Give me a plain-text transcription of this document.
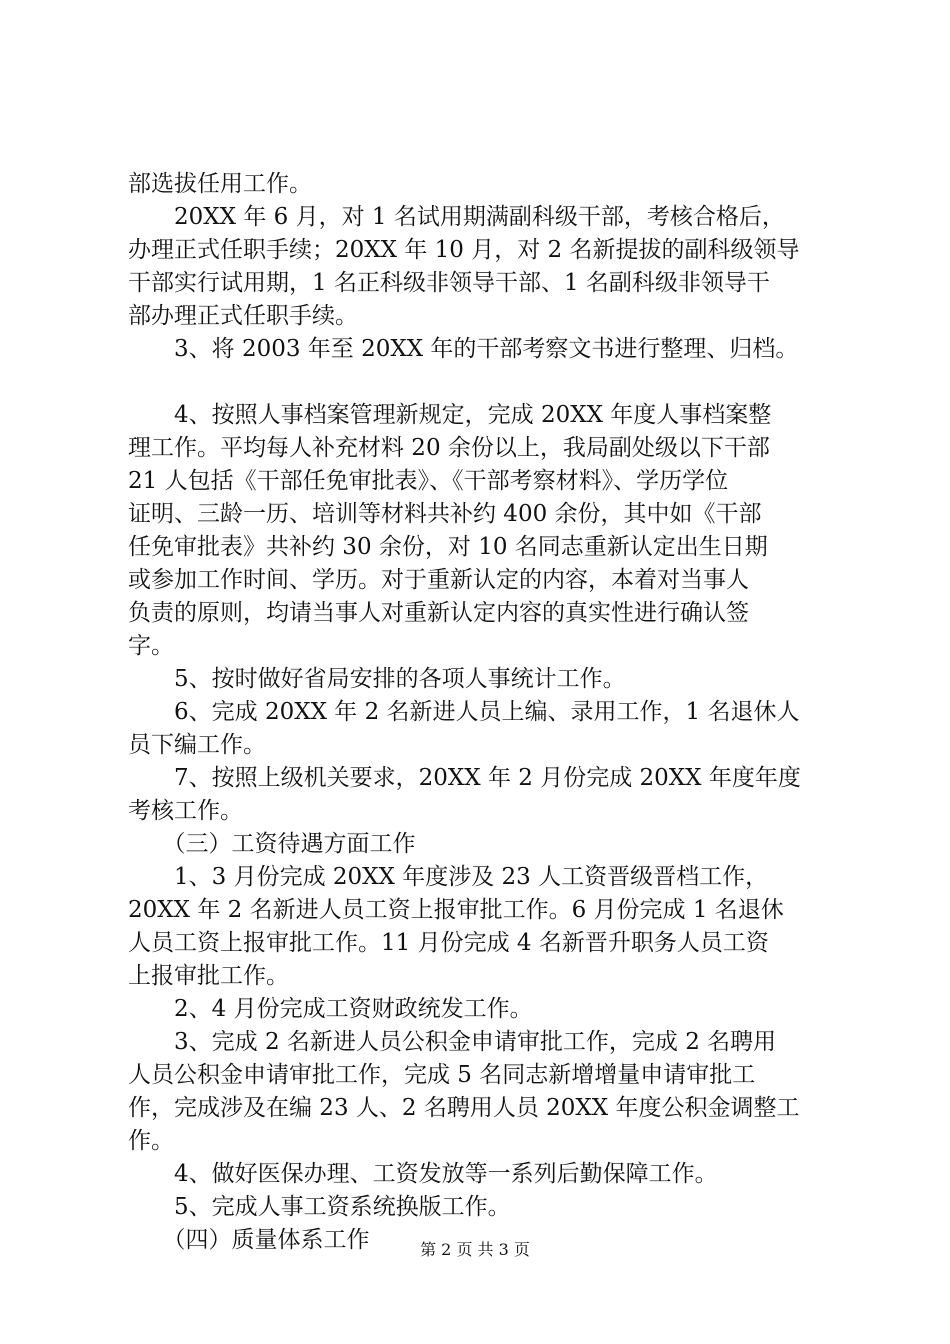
部选拔任用工作。
　　20XX 年 6 月，对 1 名试用期满副科级干部，考核合格后，
办理正式任职手续；20XX 年 10 月，对 2 名新提拔的副科级领导
干部实行试用期，1 名正科级非领导干部、1 名副科级非领导干
部办理正式任职手续。
　　3、将 2003 年至 20XX 年的干部考察文书进行整理、归档。
　　4、按照人事档案管理新规定，完成 20XX 年度人事档案整
理工作。平均每人补充材料 20 余份以上，我局副处级以下干部
21 人包括《干部任免审批表》、《干部考察材料》、学历学位
证明、三龄一历、培训等材料共补约 400 余份，其中如《干部
任免审批表》共补约 30 余份，对 10 名同志重新认定出生日期
或参加工作时间、学历。对于重新认定的内容，本着对当事人
负责的原则，均请当事人对重新认定内容的真实性进行确认签
字。
　　5、按时做好省局安排的各项人事统计工作。
　　6、完成 20XX 年 2 名新进人员上编、录用工作，1 名退休人
员下编工作。
　　7、按照上级机关要求，20XX 年 2 月份完成 20XX 年度年度
考核工作。
　　（三）工资待遇方面工作
　　1、3 月份完成 20XX 年度涉及 23 人工资晋级晋档工作，
20XX 年 2 名新进人员工资上报审批工作。6 月份完成 1 名退休
人员工资上报审批工作。11 月份完成 4 名新晋升职务人员工资
上报审批工作。
　　2、4 月份完成工资财政统发工作。
　　3、完成 2 名新进人员公积金申请审批工作，完成 2 名聘用
人员公积金申请审批工作，完成 5 名同志新增增量申请审批工
作，完成涉及在编 23 人、2 名聘用人员 20XX 年度公积金调整工
作。
　　4、做好医保办理、工资发放等一系列后勤保障工作。
　　5、完成人事工资系统换版工作。
　　（四）质量体系工作	第 2 页 共 3 页
